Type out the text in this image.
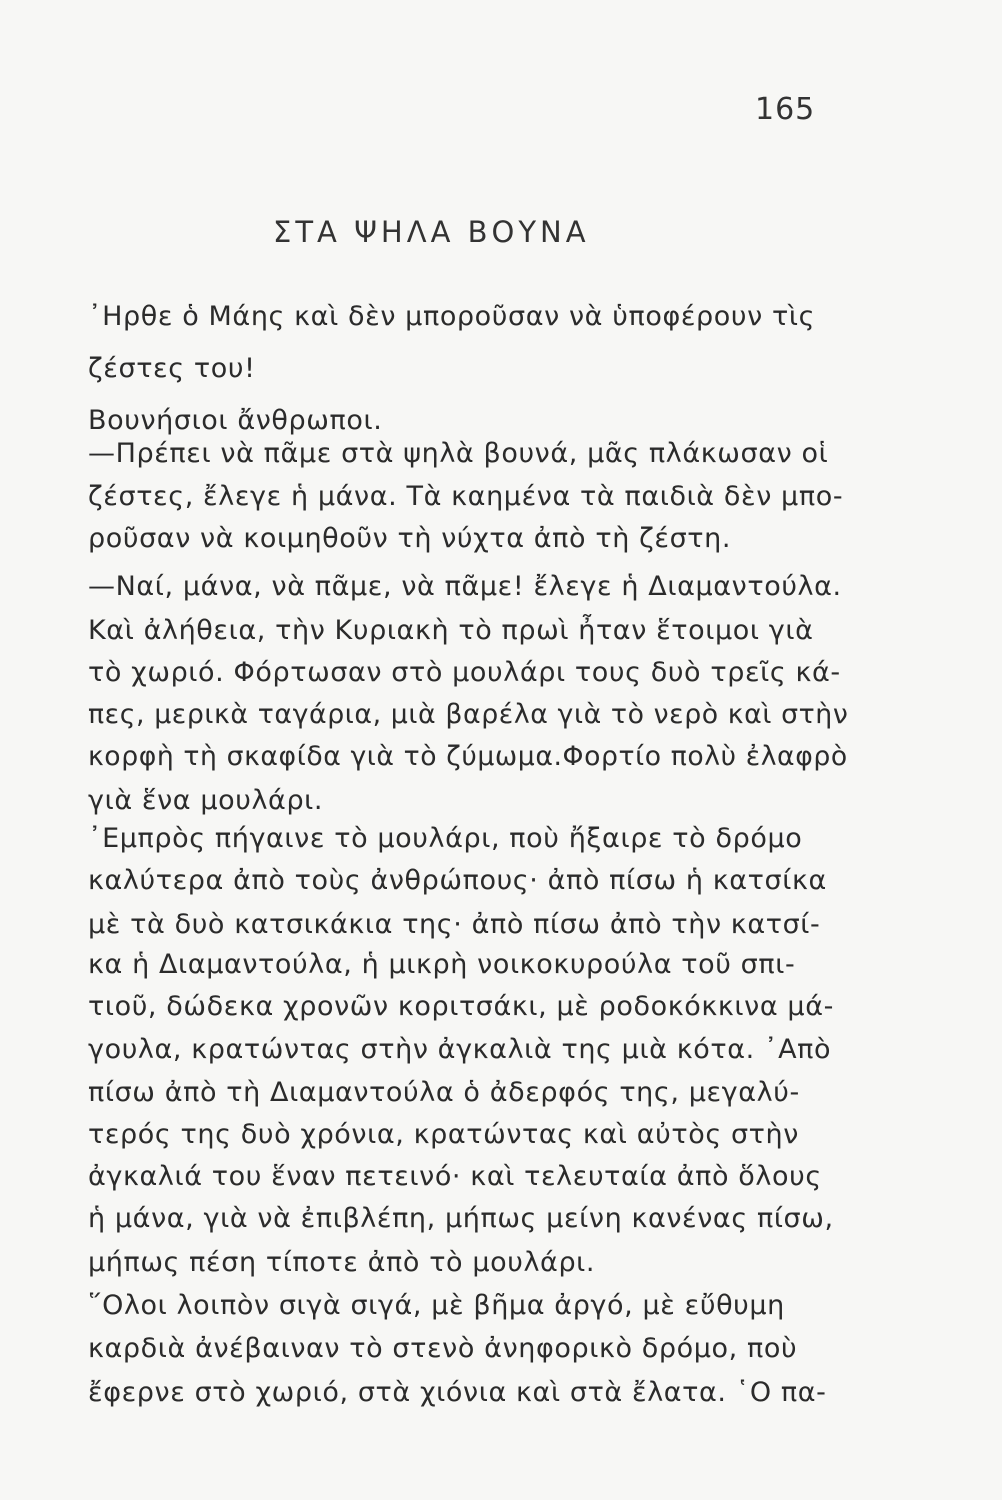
165
ΣΤΑ ΨΗΛΑ ΒΟΥΝΑ
᾿Ηρθε ὁ Μάης καὶ δὲν μποροῦσαν νὰ ὑποφέρουν τὶς
ζέστες του!
Βουνήσιοι ἄνθρωποι.
—Πρέπει νὰ πᾶμε στὰ ψηλὰ βουνά, μᾶς πλάκωσαν οἱ
ζέστες, ἔλεγε ἡ μάνα. Τὰ καημένα τὰ παιδιὰ δὲν μπο-
ροῦσαν νὰ κοιμηθοῦν τὴ νύχτα ἀπὸ τὴ ζέστη.
—Ναί, μάνα, νὰ πᾶμε, νὰ πᾶμε! ἔλεγε ἡ Διαμαντούλα.
Καὶ ἀλήθεια, τὴν Κυριακὴ τὸ πρωὶ ἦταν ἕτοιμοι γιὰ
τὸ χωριό. Φόρτωσαν στὸ μουλάρι τους δυὸ τρεῖς κά-
πες, μερικὰ ταγάρια, μιὰ βαρέλα γιὰ τὸ νερὸ καὶ στὴν
κορφὴ τὴ σκαφίδα γιὰ τὸ ζύμωμα.Φορτίο πολὺ ἐλαφρὸ
γιὰ ἕνα μουλάρι.
᾿Εμπρὸς πήγαινε τὸ μουλάρι, ποὺ ἤξαιρε τὸ δρόμο
καλύτερα ἀπὸ τοὺς ἀνθρώπους· ἀπὸ πίσω ἡ κατσίκα
μὲ τὰ δυὸ κατσικάκια της· ἀπὸ πίσω ἀπὸ τὴν κατσί-
κα ἡ Διαμαντούλα, ἡ μικρὴ νοικοκυρούλα τοῦ σπι-
τιοῦ, δώδεκα χρονῶν κοριτσάκι, μὲ ροδοκόκκινα μά-
γουλα, κρατώντας στὴν ἀγκαλιὰ της μιὰ κότα. ᾿Απὸ
πίσω ἀπὸ τὴ Διαμαντούλα ὁ ἀδερφός της, μεγαλύ-
τερός της δυὸ χρόνια, κρατώντας καὶ αὐτὸς στὴν
ἀγκαλιά του ἕναν πετεινό· καὶ τελευταία ἀπὸ ὅλους
ἡ μάνα, γιὰ νὰ ἐπιβλέπη, μήπως μείνη κανένας πίσω,
μήπως πέση τίποτε ἀπὸ τὸ μουλάρι.
῞Ολοι λοιπὸν σιγὰ σιγά, μὲ βῆμα ἀργό, μὲ εὔθυμη
καρδιὰ ἀνέβαιναν τὸ στενὸ ἀνηφορικὸ δρόμο, ποὺ
ἔφερνε στὸ χωριό, στὰ χιόνια καὶ στὰ ἔλατα. ῾Ο πα-
